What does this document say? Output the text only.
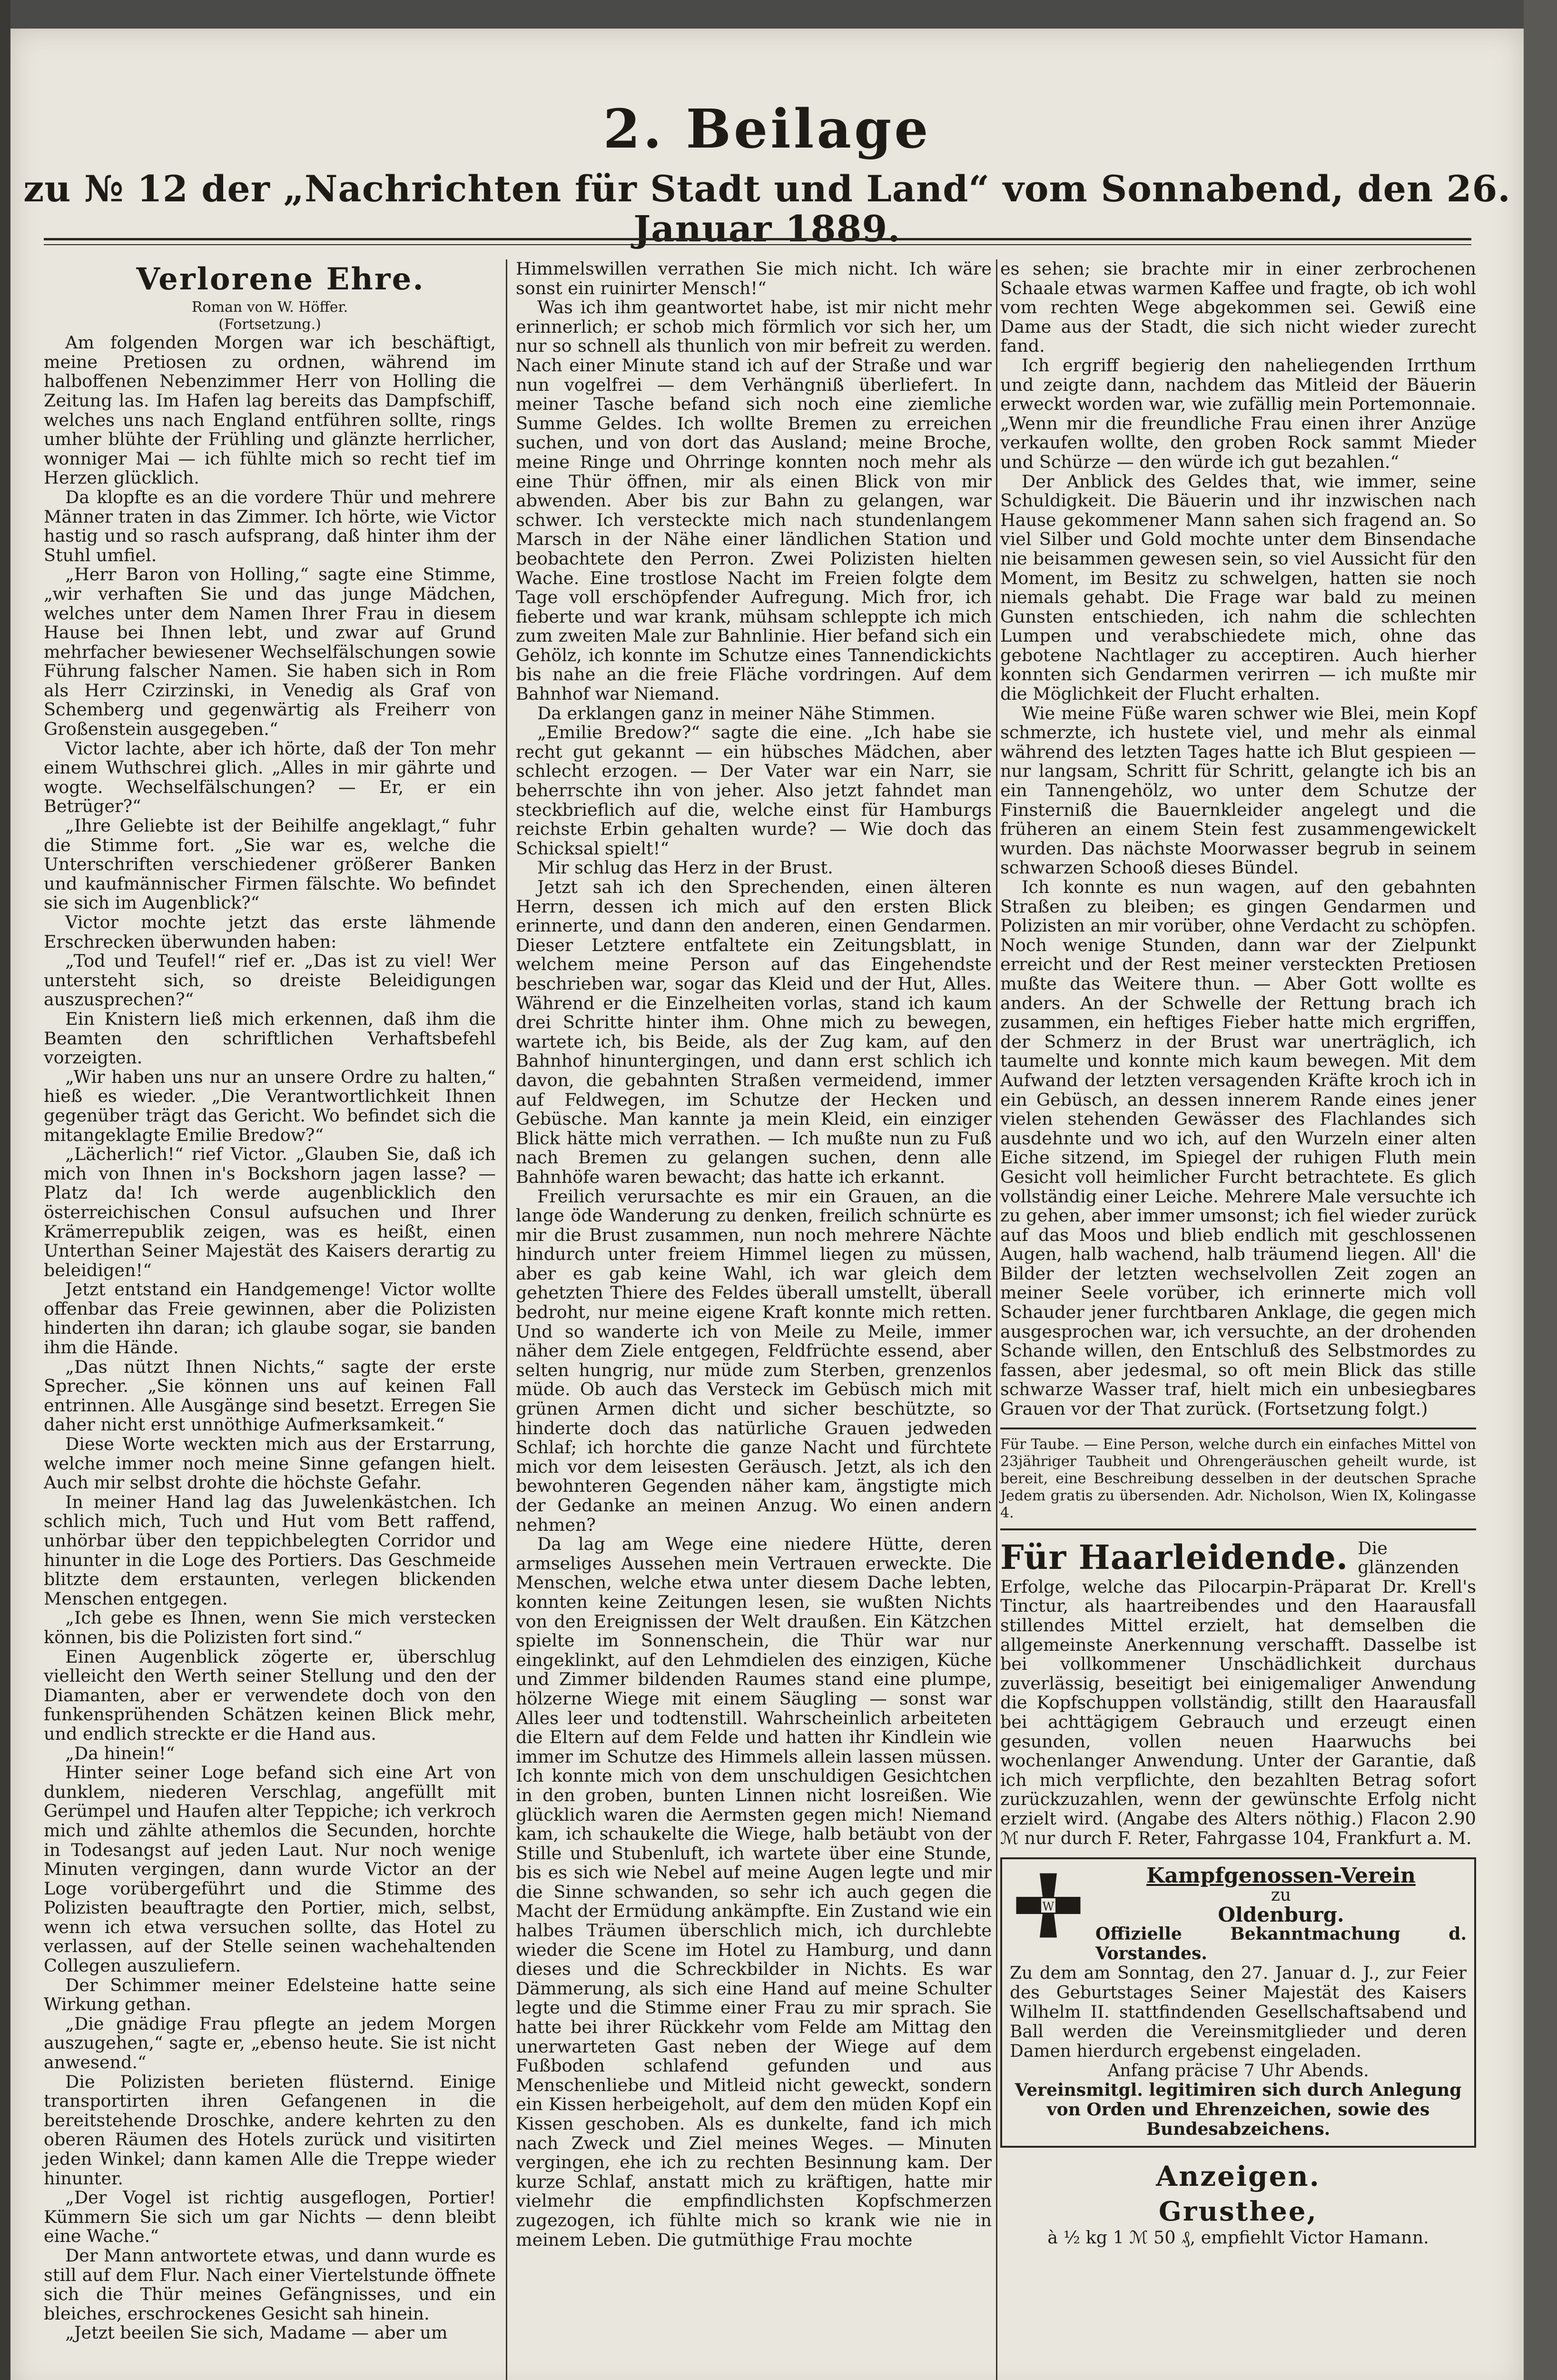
2. Beilage
zu № 12 der „Nachrichten für Stadt und Land“ vom Sonnabend, den 26. Januar 1889.

Verlorene Ehre.

Roman von W. Höffer.

(Fortsetzung.)

Am folgenden Morgen war ich beschäftigt, meine Pretiosen zu ordnen, während im halboffenen Nebenzimmer Herr von Holling die Zeitung las. Im Hafen lag bereits das Dampfschiff, welches uns nach England entführen sollte, rings umher blühte der Frühling und glänzte herrlicher, wonniger Mai — ich fühlte mich so recht tief im Herzen glücklich.

Da klopfte es an die vordere Thür und mehrere Männer traten in das Zimmer. Ich hörte, wie Victor hastig und so rasch aufsprang, daß hinter ihm der Stuhl umfiel.

„Herr Baron von Holling,“ sagte eine Stimme, „wir verhaften Sie und das junge Mädchen, welches unter dem Namen Ihrer Frau in diesem Hause bei Ihnen lebt, und zwar auf Grund mehrfacher bewiesener Wechselfälschungen sowie Führung falscher Namen. Sie haben sich in Rom als Herr Czirzinski, in Venedig als Graf von Schemberg und gegenwärtig als Freiherr von Großenstein ausgegeben.“

Victor lachte, aber ich hörte, daß der Ton mehr einem Wuthschrei glich. „Alles in mir gährte und wogte. Wechselfälschungen? — Er, er ein Betrüger?“

„Ihre Geliebte ist der Beihilfe angeklagt,“ fuhr die Stimme fort. „Sie war es, welche die Unterschriften verschiedener größerer Banken und kaufmännischer Firmen fälschte. Wo befindet sie sich im Augenblick?“

Victor mochte jetzt das erste lähmende Erschrecken überwunden haben:

„Tod und Teufel!“ rief er. „Das ist zu viel! Wer untersteht sich, so dreiste Beleidigungen auszusprechen?“

Ein Knistern ließ mich erkennen, daß ihm die Beamten den schriftlichen Verhaftsbefehl vorzeigten.

„Wir haben uns nur an unsere Ordre zu halten,“ hieß es wieder. „Die Verantwortlichkeit Ihnen gegenüber trägt das Gericht. Wo befindet sich die mitangeklagte Emilie Bredow?“

„Lächerlich!“ rief Victor. „Glauben Sie, daß ich mich von Ihnen in's Bockshorn jagen lasse? — Platz da! Ich werde augenblicklich den österreichischen Consul aufsuchen und Ihrer Krämerrepublik zeigen, was es heißt, einen Unterthan Seiner Majestät des Kaisers derartig zu beleidigen!“

Jetzt entstand ein Handgemenge! Victor wollte offenbar das Freie gewinnen, aber die Polizisten hinderten ihn daran; ich glaube sogar, sie banden ihm die Hände.

„Das nützt Ihnen Nichts,“ sagte der erste Sprecher. „Sie können uns auf keinen Fall entrinnen. Alle Ausgänge sind besetzt. Erregen Sie daher nicht erst unnöthige Aufmerksamkeit.“

Diese Worte weckten mich aus der Erstarrung, welche immer noch meine Sinne gefangen hielt. Auch mir selbst drohte die höchste Gefahr.

In meiner Hand lag das Juwelenkästchen. Ich schlich mich, Tuch und Hut vom Bett raffend, unhörbar über den teppichbelegten Corridor und hinunter in die Loge des Portiers. Das Geschmeide blitzte dem erstaunten, verlegen blickenden Menschen entgegen.

„Ich gebe es Ihnen, wenn Sie mich verstecken können, bis die Polizisten fort sind.“

Einen Augenblick zögerte er, überschlug vielleicht den Werth seiner Stellung und den der Diamanten, aber er verwendete doch von den funkensprühenden Schätzen keinen Blick mehr, und endlich streckte er die Hand aus.

„Da hinein!“

Hinter seiner Loge befand sich eine Art von dunklem, niederen Verschlag, angefüllt mit Gerümpel und Haufen alter Teppiche; ich verkroch mich und zählte athemlos die Secunden, horchte in Todesangst auf jeden Laut. Nur noch wenige Minuten vergingen, dann wurde Victor an der Loge vorübergeführt und die Stimme des Polizisten beauftragte den Portier, mich, selbst, wenn ich etwa versuchen sollte, das Hotel zu verlassen, auf der Stelle seinen wachehaltenden Collegen auszuliefern.

Der Schimmer meiner Edelsteine hatte seine Wirkung gethan.

„Die gnädige Frau pflegte an jedem Morgen auszugehen,“ sagte er, „ebenso heute. Sie ist nicht anwesend.“

Die Polizisten berieten flüsternd. Einige transportirten ihren Gefangenen in die bereitstehende Droschke, andere kehrten zu den oberen Räumen des Hotels zurück und visitirten jeden Winkel; dann kamen Alle die Treppe wieder hinunter.

„Der Vogel ist richtig ausgeflogen, Portier! Kümmern Sie sich um gar Nichts — denn bleibt eine Wache.“

Der Mann antwortete etwas, und dann wurde es still auf dem Flur. Nach einer Viertelstunde öffnete sich die Thür meines Gefängnisses, und ein bleiches, erschrockenes Gesicht sah hinein.

„Jetzt beeilen Sie sich, Madame — aber um

Himmelswillen verrathen Sie mich nicht. Ich wäre sonst ein ruinirter Mensch!“

Was ich ihm geantwortet habe, ist mir nicht mehr erinnerlich; er schob mich förmlich vor sich her, um nur so schnell als thunlich von mir befreit zu werden. Nach einer Minute stand ich auf der Straße und war nun vogelfrei — dem Verhängniß überliefert. In meiner Tasche befand sich noch eine ziemliche Summe Geldes. Ich wollte Bremen zu erreichen suchen, und von dort das Ausland; meine Broche, meine Ringe und Ohrringe konnten noch mehr als eine Thür öffnen, mir als einen Blick von mir abwenden. Aber bis zur Bahn zu gelangen, war schwer. Ich versteckte mich nach stundenlangem Marsch in der Nähe einer ländlichen Station und beobachtete den Perron. Zwei Polizisten hielten Wache. Eine trostlose Nacht im Freien folgte dem Tage voll erschöpfender Aufregung. Mich fror, ich fieberte und war krank, mühsam schleppte ich mich zum zweiten Male zur Bahnlinie. Hier befand sich ein Gehölz, ich konnte im Schutze eines Tannendickichts bis nahe an die freie Fläche vordringen. Auf dem Bahnhof war Niemand.

Da erklangen ganz in meiner Nähe Stimmen.

„Emilie Bredow?“ sagte die eine. „Ich habe sie recht gut gekannt — ein hübsches Mädchen, aber schlecht erzogen. — Der Vater war ein Narr, sie beherrschte ihn von jeher. Also jetzt fahndet man steckbrieflich auf die, welche einst für Hamburgs reichste Erbin gehalten wurde? — Wie doch das Schicksal spielt!“

Mir schlug das Herz in der Brust.

Jetzt sah ich den Sprechenden, einen älteren Herrn, dessen ich mich auf den ersten Blick erinnerte, und dann den anderen, einen Gendarmen. Dieser Letztere entfaltete ein Zeitungsblatt, in welchem meine Person auf das Eingehendste beschrieben war, sogar das Kleid und der Hut, Alles. Während er die Einzelheiten vorlas, stand ich kaum drei Schritte hinter ihm. Ohne mich zu bewegen, wartete ich, bis Beide, als der Zug kam, auf den Bahnhof hinuntergingen, und dann erst schlich ich davon, die gebahnten Straßen vermeidend, immer auf Feldwegen, im Schutze der Hecken und Gebüsche. Man kannte ja mein Kleid, ein einziger Blick hätte mich verrathen. — Ich mußte nun zu Fuß nach Bremen zu gelangen suchen, denn alle Bahnhöfe waren bewacht; das hatte ich erkannt.

Freilich verursachte es mir ein Grauen, an die lange öde Wanderung zu denken, freilich schnürte es mir die Brust zusammen, nun noch mehrere Nächte hindurch unter freiem Himmel liegen zu müssen, aber es gab keine Wahl, ich war gleich dem gehetzten Thiere des Feldes überall umstellt, überall bedroht, nur meine eigene Kraft konnte mich retten. Und so wanderte ich von Meile zu Meile, immer näher dem Ziele entgegen, Feldfrüchte essend, aber selten hungrig, nur müde zum Sterben, grenzenlos müde. Ob auch das Versteck im Gebüsch mich mit grünen Armen dicht und sicher beschützte, so hinderte doch das natürliche Grauen jedweden Schlaf; ich horchte die ganze Nacht und fürchtete mich vor dem leisesten Geräusch. Jetzt, als ich den bewohnteren Gegenden näher kam, ängstigte mich der Gedanke an meinen Anzug. Wo einen andern nehmen?

Da lag am Wege eine niedere Hütte, deren armseliges Aussehen mein Vertrauen erweckte. Die Menschen, welche etwa unter diesem Dache lebten, konnten keine Zeitungen lesen, sie wußten Nichts von den Ereignissen der Welt draußen. Ein Kätzchen spielte im Sonnenschein, die Thür war nur eingeklinkt, auf den Lehmdielen des einzigen, Küche und Zimmer bildenden Raumes stand eine plumpe, hölzerne Wiege mit einem Säugling — sonst war Alles leer und todtenstill. Wahrscheinlich arbeiteten die Eltern auf dem Felde und hatten ihr Kindlein wie immer im Schutze des Himmels allein lassen müssen. Ich konnte mich von dem unschuldigen Gesichtchen in den groben, bunten Linnen nicht losreißen. Wie glücklich waren die Aermsten gegen mich! Niemand kam, ich schaukelte die Wiege, halb betäubt von der Stille und Stubenluft, ich wartete über eine Stunde, bis es sich wie Nebel auf meine Augen legte und mir die Sinne schwanden, so sehr ich auch gegen die Macht der Ermüdung ankämpfte. Ein Zustand wie ein halbes Träumen überschlich mich, ich durchlebte wieder die Scene im Hotel zu Hamburg, und dann dieses und die Schreckbilder in Nichts. Es war Dämmerung, als sich eine Hand auf meine Schulter legte und die Stimme einer Frau zu mir sprach. Sie hatte bei ihrer Rückkehr vom Felde am Mittag den unerwarteten Gast neben der Wiege auf dem Fußboden schlafend gefunden und aus Menschenliebe und Mitleid nicht geweckt, sondern ein Kissen herbeigeholt, auf dem den müden Kopf ein Kissen geschoben. Als es dunkelte, fand ich mich nach Zweck und Ziel meines Weges. — Minuten vergingen, ehe ich zu rechten Besinnung kam. Der kurze Schlaf, anstatt mich zu kräftigen, hatte mir vielmehr die empfindlichsten Kopfschmerzen zugezogen, ich fühlte mich so krank wie nie in meinem Leben. Die gutmüthige Frau mochte

es sehen; sie brachte mir in einer zerbrochenen Schaale etwas warmen Kaffee und fragte, ob ich wohl vom rechten Wege abgekommen sei. Gewiß eine Dame aus der Stadt, die sich nicht wieder zurecht fand.

Ich ergriff begierig den naheliegenden Irrthum und zeigte dann, nachdem das Mitleid der Bäuerin erweckt worden war, wie zufällig mein Portemonnaie. „Wenn mir die freundliche Frau einen ihrer Anzüge verkaufen wollte, den groben Rock sammt Mieder und Schürze — den würde ich gut bezahlen.“

Der Anblick des Geldes that, wie immer, seine Schuldigkeit. Die Bäuerin und ihr inzwischen nach Hause gekommener Mann sahen sich fragend an. So viel Silber und Gold mochte unter dem Binsendache nie beisammen gewesen sein, so viel Aussicht für den Moment, im Besitz zu schwelgen, hatten sie noch niemals gehabt. Die Frage war bald zu meinen Gunsten entschieden, ich nahm die schlechten Lumpen und verabschiedete mich, ohne das gebotene Nachtlager zu acceptiren. Auch hierher konnten sich Gendarmen verirren — ich mußte mir die Möglichkeit der Flucht erhalten.

Wie meine Füße waren schwer wie Blei, mein Kopf schmerzte, ich hustete viel, und mehr als einmal während des letzten Tages hatte ich Blut gespieen — nur langsam, Schritt für Schritt, gelangte ich bis an ein Tannengehölz, wo unter dem Schutze der Finsterniß die Bauernkleider angelegt und die früheren an einem Stein fest zusammengewickelt wurden. Das nächste Moorwasser begrub in seinem schwarzen Schooß dieses Bündel.

Ich konnte es nun wagen, auf den gebahnten Straßen zu bleiben; es gingen Gendarmen und Polizisten an mir vorüber, ohne Verdacht zu schöpfen. Noch wenige Stunden, dann war der Zielpunkt erreicht und der Rest meiner versteckten Pretiosen mußte das Weitere thun. — Aber Gott wollte es anders. An der Schwelle der Rettung brach ich zusammen, ein heftiges Fieber hatte mich ergriffen, der Schmerz in der Brust war unerträglich, ich taumelte und konnte mich kaum bewegen. Mit dem Aufwand der letzten versagenden Kräfte kroch ich in ein Gebüsch, an dessen innerem Rande eines jener vielen stehenden Gewässer des Flachlandes sich ausdehnte und wo ich, auf den Wurzeln einer alten Eiche sitzend, im Spiegel der ruhigen Fluth mein Gesicht voll heimlicher Furcht betrachtete. Es glich vollständig einer Leiche. Mehrere Male versuchte ich zu gehen, aber immer umsonst; ich fiel wieder zurück auf das Moos und blieb endlich mit geschlossenen Augen, halb wachend, halb träumend liegen. All' die Bilder der letzten wechselvollen Zeit zogen an meiner Seele vorüber, ich erinnerte mich voll Schauder jener furchtbaren Anklage, die gegen mich ausgesprochen war, ich versuchte, an der drohenden Schande willen, den Entschluß des Selbstmordes zu fassen, aber jedesmal, so oft mein Blick das stille schwarze Wasser traf, hielt mich ein unbesiegbares Grauen vor der That zurück. (Fortsetzung folgt.)

Für Taube. — Eine Person, welche durch ein einfaches Mittel von 23jähriger Taubheit und Ohrengeräuschen geheilt wurde, ist bereit, eine Beschreibung desselben in der deutschen Sprache Jedem gratis zu übersenden. Adr. Nicholson, Wien IX, Kolingasse 4.
Für Haarleidende. Die glänzenden Erfolge, welche das Pilocarpin-Präparat Dr. Krell's Tinctur, als haartreibendes und den Haarausfall stillendes Mittel erzielt, hat demselben die allgemeinste Anerkennung verschafft. Dasselbe ist bei vollkommener Unschädlichkeit durchaus zuverlässig, beseitigt bei einigemaliger Anwendung die Kopfschuppen vollständig, stillt den Haarausfall bei achttägigem Gebrauch und erzeugt einen gesunden, vollen neuen Haarwuchs bei wochenlanger Anwendung. Unter der Garantie, daß ich mich verpflichte, den bezahlten Betrag sofort zurückzuzahlen, wenn der gewünschte Erfolg nicht erzielt wird. (Angabe des Alters nöthig.) Flacon 2.90 ℳ nur durch F. Reter, Fahrgasse 104, Frankfurt a. M.
W
Kampfgenossen-Verein
zu
Oldenburg.
Offizielle Bekanntmachung d. Vorstandes.
Zu dem am Sonntag, den 27. Januar d. J., zur Feier des Geburtstages Seiner Majestät des Kaisers Wilhelm II. stattfindenden Gesellschaftsabend und Ball werden die Vereinsmitglieder und deren Damen hierdurch ergebenst eingeladen.
Anfang präcise 7 Uhr Abends.
Vereinsmitgl. legitimiren sich durch Anlegung von Orden und Ehrenzeichen, sowie des Bundesabzeichens.
Anzeigen.
Grusthee,
à ½ kg 1 ℳ 50 ₰, empfiehlt Victor Hamann.
